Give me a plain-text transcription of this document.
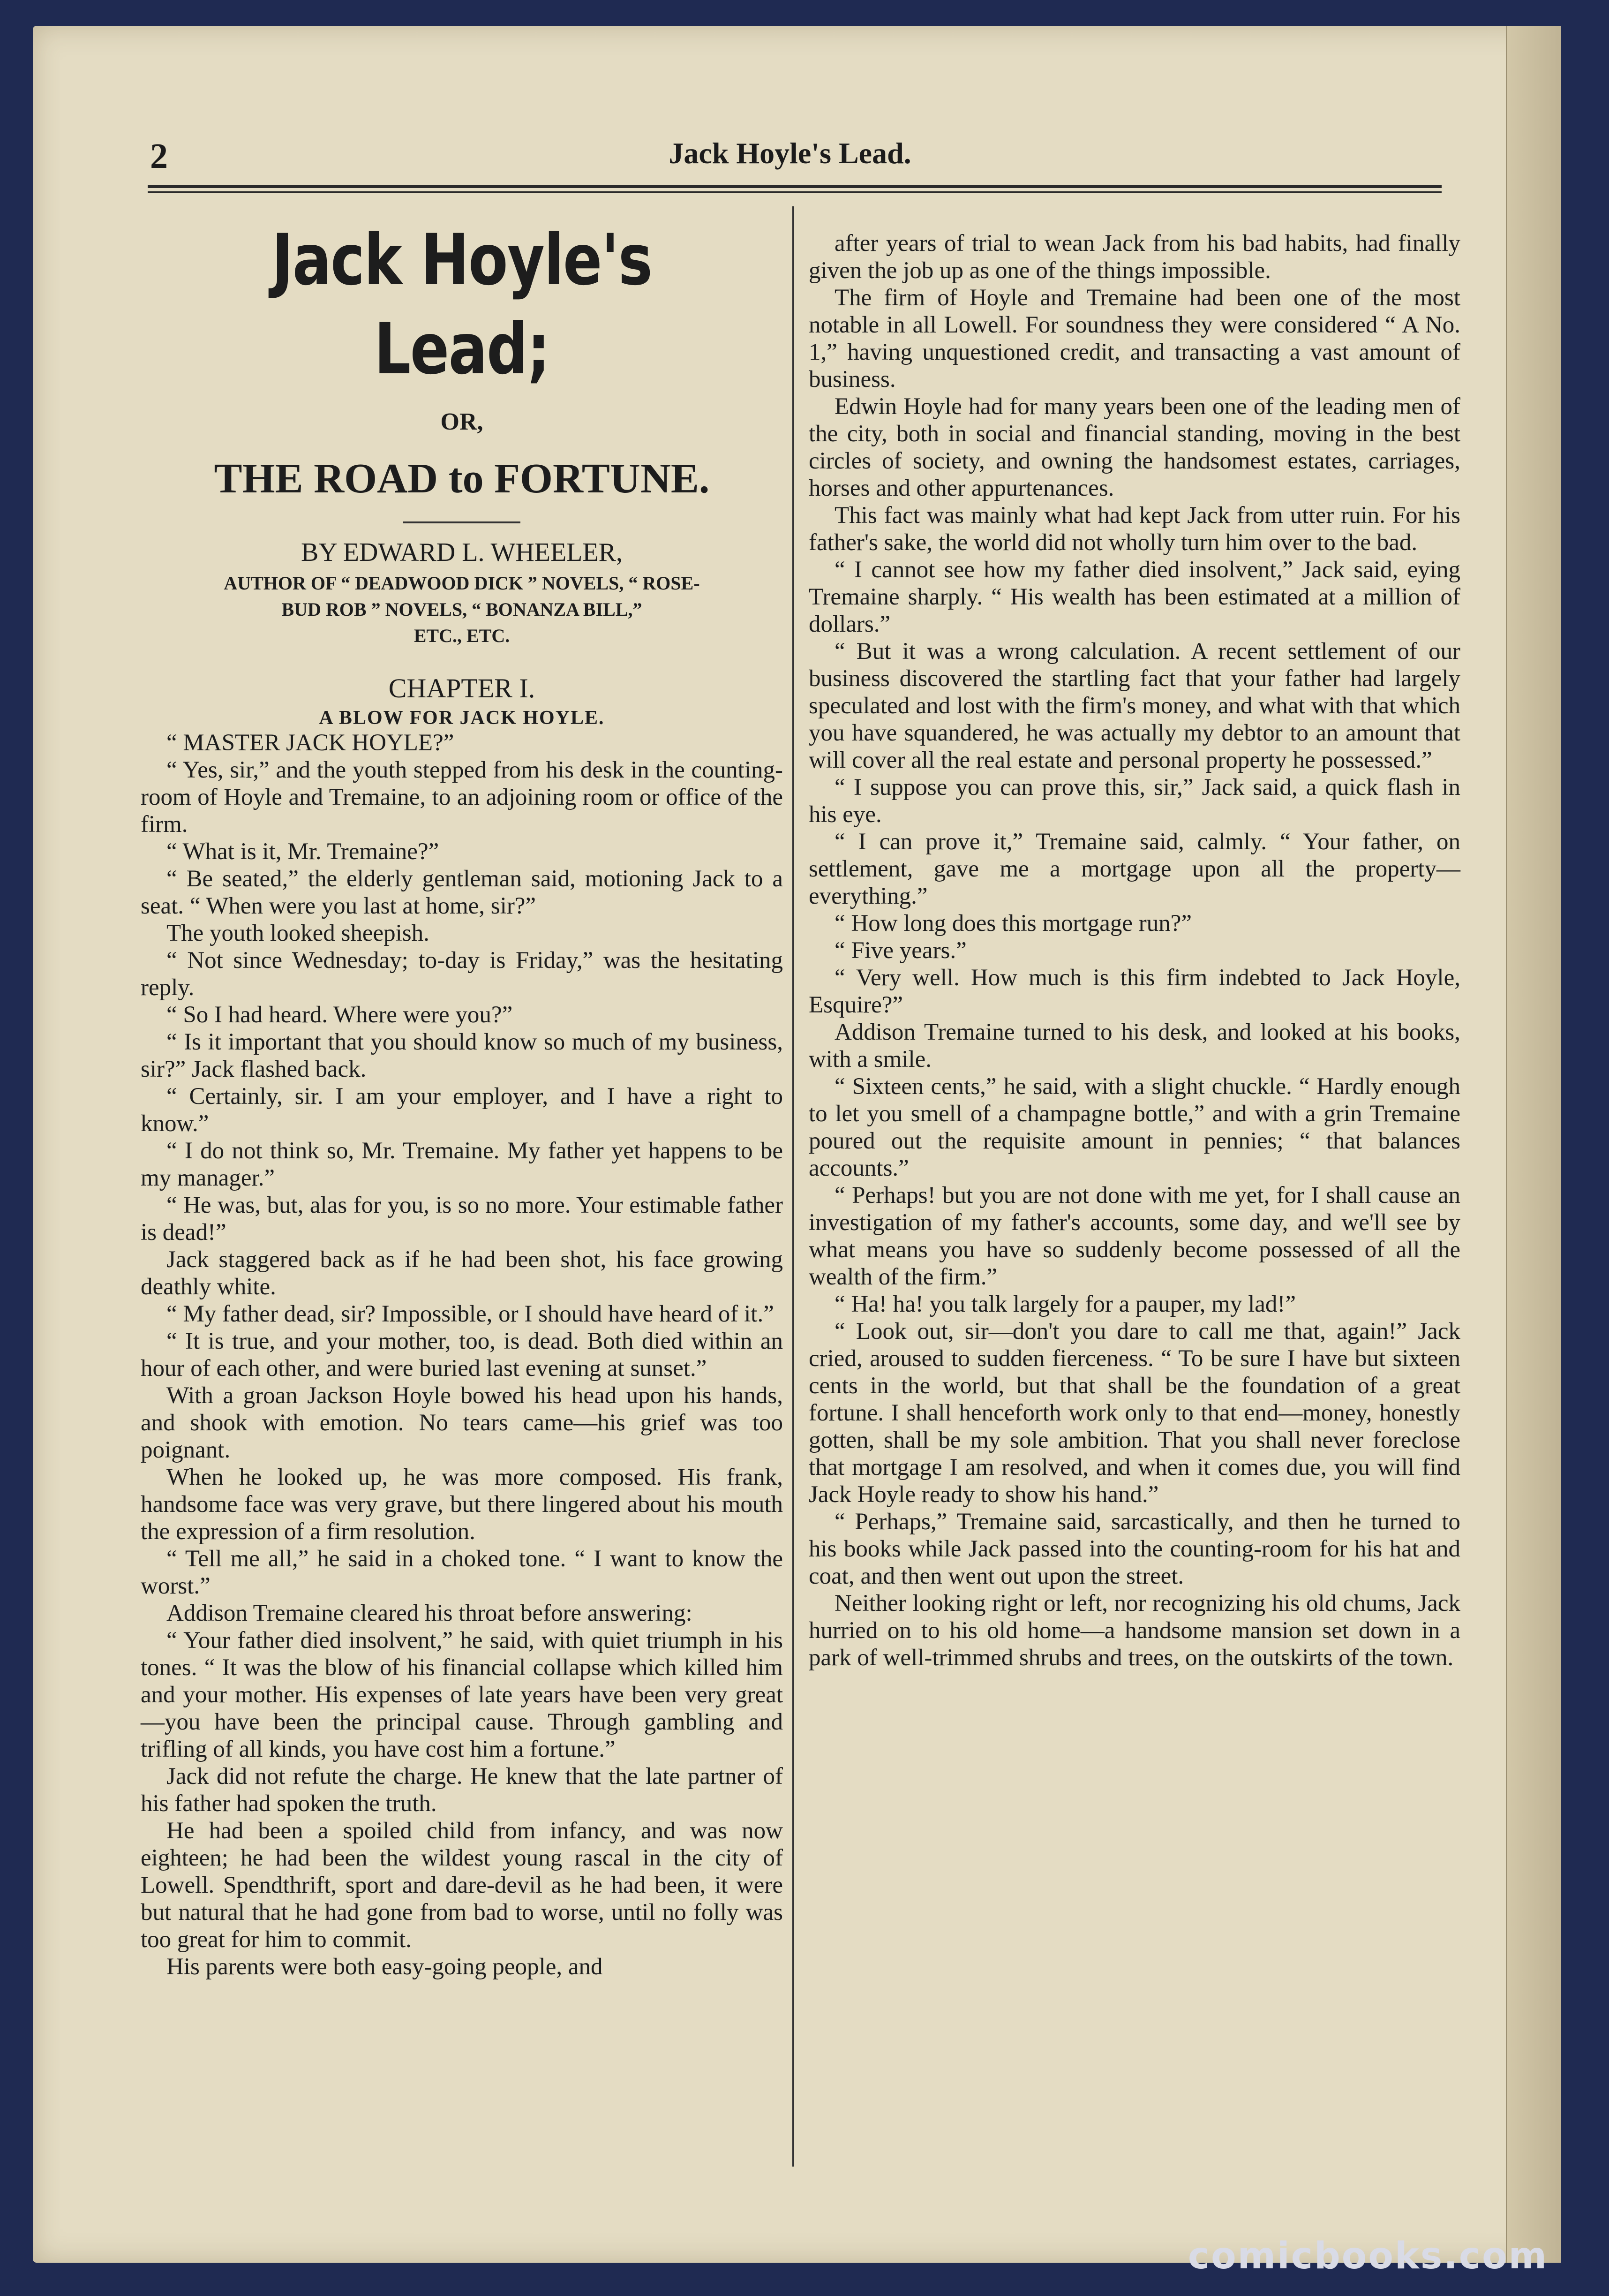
2	Jack Hoyle's Lead.
Jack Hoyle's Lead;
OR,
THE ROAD to FORTUNE.
BY EDWARD L. WHEELER,
AUTHOR OF “ DEADWOOD DICK ” NOVELS, “ ROSE-
BUD ROB ” NOVELS, “ BONANZA BILL,”
ETC., ETC.
CHAPTER I.
A BLOW FOR JACK HOYLE.

“ MASTER JACK HOYLE?”

“ Yes, sir,” and the youth stepped from his desk in the counting-room of Hoyle and Tremaine, to an adjoining room or office of the firm.

“ What is it, Mr. Tremaine?”

“ Be seated,” the elderly gentleman said, motioning Jack to a seat. “ When were you last at home, sir?”

The youth looked sheepish.

“ Not since Wednesday; to-day is Friday,” was the hesitating reply.

“ So I had heard. Where were you?”

“ Is it important that you should know so much of my business, sir?” Jack flashed back.

“ Certainly, sir. I am your employer, and I have a right to know.”

“ I do not think so, Mr. Tremaine. My father yet happens to be my manager.”

“ He was, but, alas for you, is so no more. Your estimable father is dead!”

Jack staggered back as if he had been shot, his face growing deathly white.

“ My father dead, sir? Impossible, or I should have heard of it.”

“ It is true, and your mother, too, is dead. Both died within an hour of each other, and were buried last evening at sunset.”

With a groan Jackson Hoyle bowed his head upon his hands, and shook with emotion. No tears came—his grief was too poignant.

When he looked up, he was more composed. His frank, handsome face was very grave, but there lingered about his mouth the expression of a firm resolution.

“ Tell me all,” he said in a choked tone. “ I want to know the worst.”

Addison Tremaine cleared his throat before answering:

“ Your father died insolvent,” he said, with quiet triumph in his tones. “ It was the blow of his financial collapse which killed him and your mother. His expenses of late years have been very great—you have been the principal cause. Through gambling and trifling of all kinds, you have cost him a fortune.”

Jack did not refute the charge. He knew that the late partner of his father had spoken the truth.

He had been a spoiled child from infancy, and was now eighteen; he had been the wildest young rascal in the city of Lowell. Spendthrift, sport and dare-devil as he had been, it were but natural that he had gone from bad to worse, until no folly was too great for him to commit.

His parents were both easy-going people, and

after years of trial to wean Jack from his bad habits, had finally given the job up as one of the things impossible.

The firm of Hoyle and Tremaine had been one of the most notable in all Lowell. For soundness they were considered “ A No. 1,” having unquestioned credit, and transacting a vast amount of business.

Edwin Hoyle had for many years been one of the leading men of the city, both in social and financial standing, moving in the best circles of society, and owning the handsomest estates, carriages, horses and other appurtenances.

This fact was mainly what had kept Jack from utter ruin. For his father's sake, the world did not wholly turn him over to the bad.

“ I cannot see how my father died insolvent,” Jack said, eying Tremaine sharply. “ His wealth has been estimated at a million of dollars.”

“ But it was a wrong calculation. A recent settlement of our business discovered the startling fact that your father had largely speculated and lost with the firm's money, and what with that which you have squandered, he was actually my debtor to an amount that will cover all the real estate and personal property he possessed.”

“ I suppose you can prove this, sir,” Jack said, a quick flash in his eye.

“ I can prove it,” Tremaine said, calmly. “ Your father, on settlement, gave me a mortgage upon all the property—everything.”

“ How long does this mortgage run?”

“ Five years.”

“ Very well. How much is this firm indebted to Jack Hoyle, Esquire?”

Addison Tremaine turned to his desk, and looked at his books, with a smile.

“ Sixteen cents,” he said, with a slight chuckle. “ Hardly enough to let you smell of a champagne bottle,” and with a grin Tremaine poured out the requisite amount in pennies; “ that balances accounts.”

“ Perhaps! but you are not done with me yet, for I shall cause an investigation of my father's accounts, some day, and we'll see by what means you have so suddenly become possessed of all the wealth of the firm.”

“ Ha! ha! you talk largely for a pauper, my lad!”

“ Look out, sir—don't you dare to call me that, again!” Jack cried, aroused to sudden fierceness. “ To be sure I have but sixteen cents in the world, but that shall be the foundation of a great fortune. I shall henceforth work only to that end—money, honestly gotten, shall be my sole ambition. That you shall never foreclose that mortgage I am resolved, and when it comes due, you will find Jack Hoyle ready to show his hand.”

“ Perhaps,” Tremaine said, sarcastically, and then he turned to his books while Jack passed into the counting-room for his hat and coat, and then went out upon the street.

Neither looking right or left, nor recognizing his old chums, Jack hurried on to his old home—a handsome mansion set down in a park of well-trimmed shrubs and trees, on the outskirts of the town.

comicbooks.com
